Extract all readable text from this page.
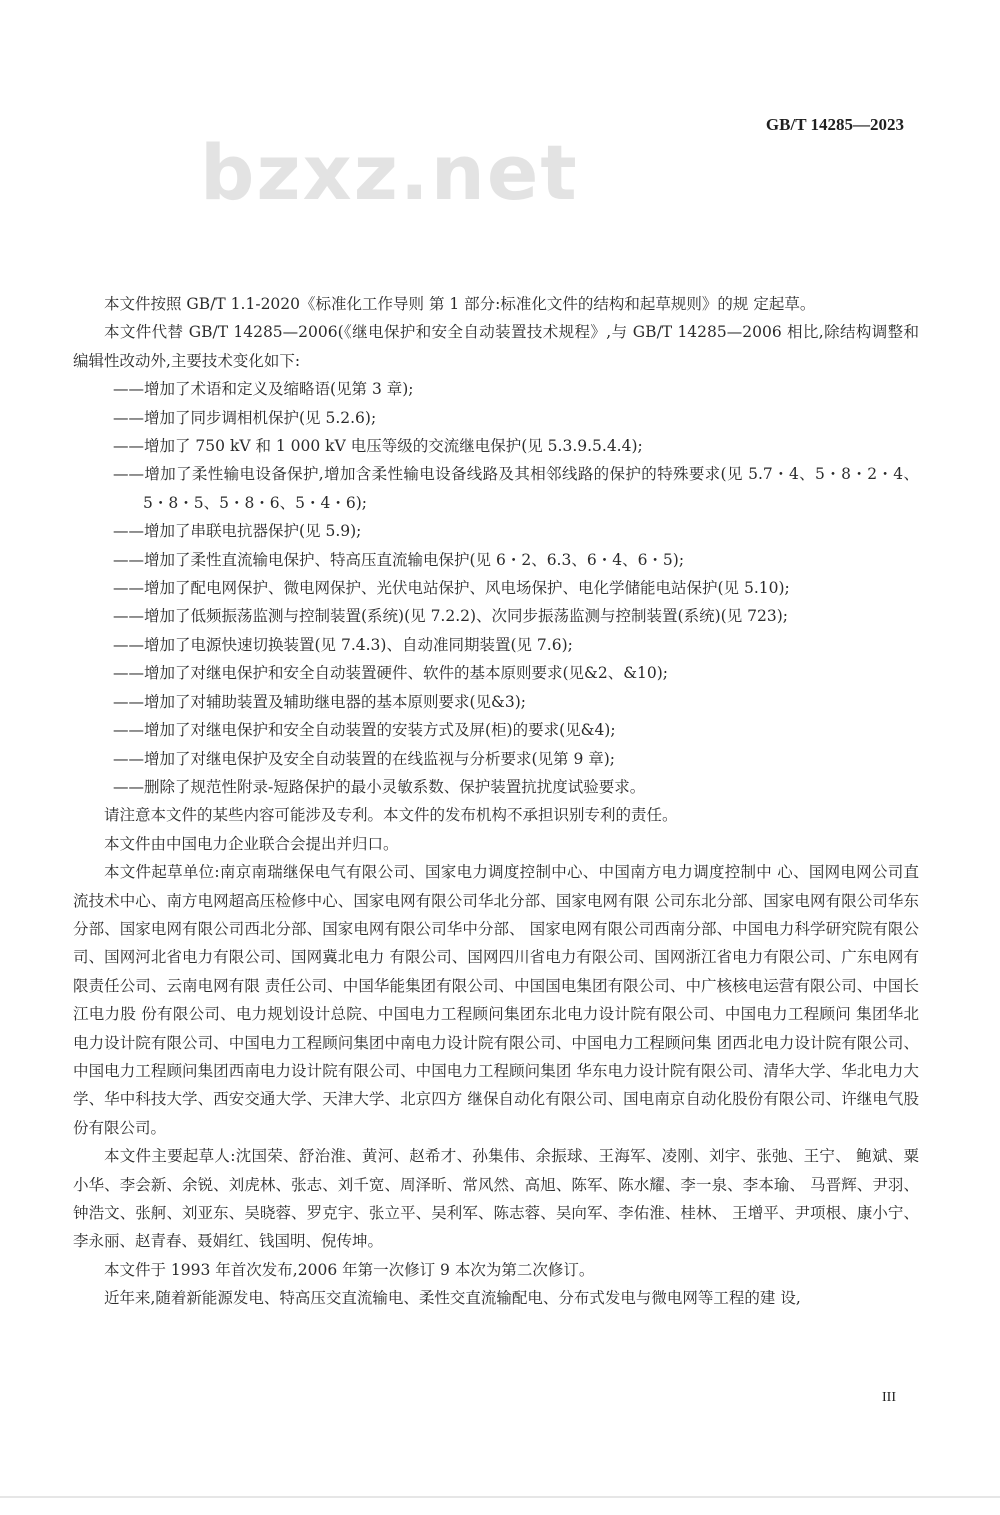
bzxz.net
GB/T 14285—2023

本文件按照 GB/T 1.1-2020《标准化工作导则 第 1 部分:标准化文件的结构和起草规则》的规 定起草。

本文件代替 GB/T 14285—2006(《继电保护和安全自动装置技术规程》,与 GB/T 14285—2006 相比,除结构调整和编辑性改动外,主要技术变化如下:

——增加了术语和定义及缩略语(见第 3 章);
——增加了同步调相机保护(见 5.2.6);
——增加了 750 kV 和 1 000 kV 电压等级的交流继电保护(见 5.3.9.5.4.4);
——增加了柔性输电设备保护,增加含柔性输电设备线路及其相邻线路的保护的特殊要求(见 5.7・4、5・8・2・4、5・8・5、5・8・6、5・4・6);
——增加了串联电抗器保护(见 5.9);
——增加了柔性直流输电保护、特高压直流输电保护(见 6・2、6.3、6・4、6・5);
——增加了配电网保护、微电网保护、光伏电站保护、风电场保护、电化学储能电站保护(见 5.10);
——增加了低频振荡监测与控制装置(系统)(见 7.2.2)、次同步振荡监测与控制装置(系统)(见 723);
——增加了电源快速切换装置(见 7.4.3)、自动准同期装置(见 7.6);
——增加了对继电保护和安全自动装置硬件、软件的基本原则要求(见&2、&10);
——增加了对辅助装置及辅助继电器的基本原则要求(见&3);
——增加了对继电保护和安全自动装置的安装方式及屏(柜)的要求(见&4);
——增加了对继电保护及安全自动装置的在线监视与分析要求(见第 9 章);
——删除了规范性附录-短路保护的最小灵敏系数、保护装置抗扰度试验要求。

请注意本文件的某些内容可能涉及专利。本文件的发布机构不承担识别专利的责任。

本文件由中国电力企业联合会提出并归口。

本文件起草单位:南京南瑞继保电气有限公司、国家电力调度控制中心、中国南方电力调度控制中 心、国网电网公司直流技术中心、南方电网超高压检修中心、国家电网有限公司华北分部、国家电网有限 公司东北分部、国家电网有限公司华东分部、国家电网有限公司西北分部、国家电网有限公司华中分部、 国家电网有限公司西南分部、中国电力科学研究院有限公司、国网河北省电力有限公司、国网冀北电力 有限公司、国网四川省电力有限公司、国网浙江省电力有限公司、广东电网有限责任公司、云南电网有限 责任公司、中国华能集团有限公司、中国国电集团有限公司、中广核核电运营有限公司、中国长江电力股 份有限公司、电力规划设计总院、中国电力工程顾问集团东北电力设计院有限公司、中国电力工程顾问 集团华北电力设计院有限公司、中国电力工程顾问集团中南电力设计院有限公司、中国电力工程顾问集 团西北电力设计院有限公司、中国电力工程顾问集团西南电力设计院有限公司、中国电力工程顾问集团 华东电力设计院有限公司、清华大学、华北电力大学、华中科技大学、西安交通大学、天津大学、北京四方 继保自动化有限公司、国电南京自动化股份有限公司、许继电气股份有限公司。

本文件主要起草人:沈国荣、舒治淮、黄河、赵希才、孙集伟、余振球、王海军、凌刚、刘宇、张弛、王宁、 鲍斌、粟小华、李会新、余锐、刘虎林、张志、刘千宽、周泽昕、常风然、高旭、陈军、陈水耀、李一泉、李本瑜、 马晋辉、尹羽、钟浩文、张舸、刘亚东、吴晓蓉、罗克宇、张立平、吴利军、陈志蓉、吴向军、李佑淮、桂林、 王增平、尹项根、康小宁、李永丽、赵青春、聂娟红、钱国明、倪传坤。

本文件于 1993 年首次发布,2006 年第一次修订 9 本次为第二次修订。

近年来,随着新能源发电、特高压交直流输电、柔性交直流输配电、分布式发电与微电网等工程的建 设,

III
